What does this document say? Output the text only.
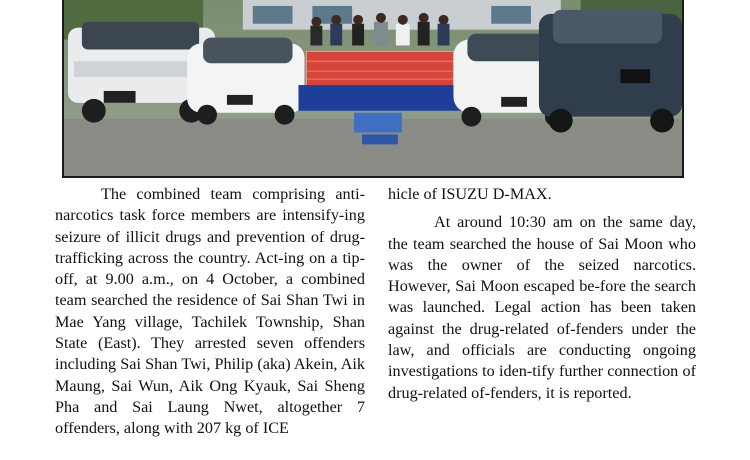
The combined team comprising anti-narcotics task force members are intensify-ing seizure of illicit drugs and prevention of drug-trafficking across the country. Act-ing on a tip-off, at 9.00 a.m., on 4 October, a combined team searched the residence of Sai Shan Twi in Mae Yang village, Tachilek Township, Shan State (East). They arrested seven offenders including Sai Shan Twi, Philip (aka) Akein, Aik Maung, Sai Wun, Aik Ong Kyauk, Sai Sheng Pha and Sai Laung Nwet, altogether 7 offenders, along with 207 kg of ICE

hicle of ISUZU D-MAX.

At around 10:30 am on the same day, the team searched the house of Sai Moon who was the owner of the seized narcotics. However, Sai Moon escaped be-fore the search was launched. Legal action has been taken against the drug-related of-fenders under the law, and officials are conducting ongoing investigations to iden-tify further connection of drug-related of-fenders, it is reported.
